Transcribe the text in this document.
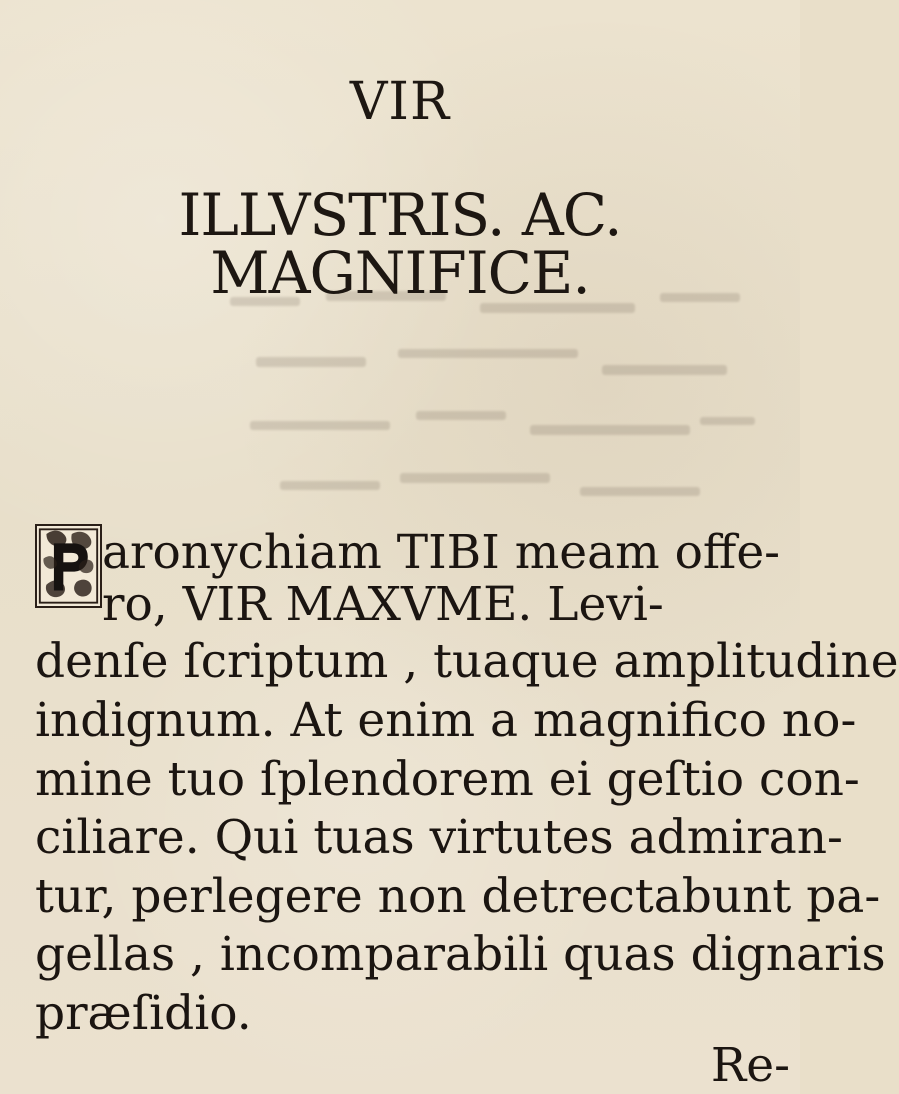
VIR
ILLVSTRIS. AC. MAGNIFICE.
aronychiam TIBI meam offe-
ro, VIR MAXVME. Levi-
denſe ſcriptum , tuaque amplitudine
indignum. At enim a magnifico no-
mine tuo ſplendorem ei geſtio con-
ciliare. Qui tuas virtutes admiran-
tur, perlegere non detrectabunt pa-
gellas , incomparabili quas dignaris
præſidio.
Re-
